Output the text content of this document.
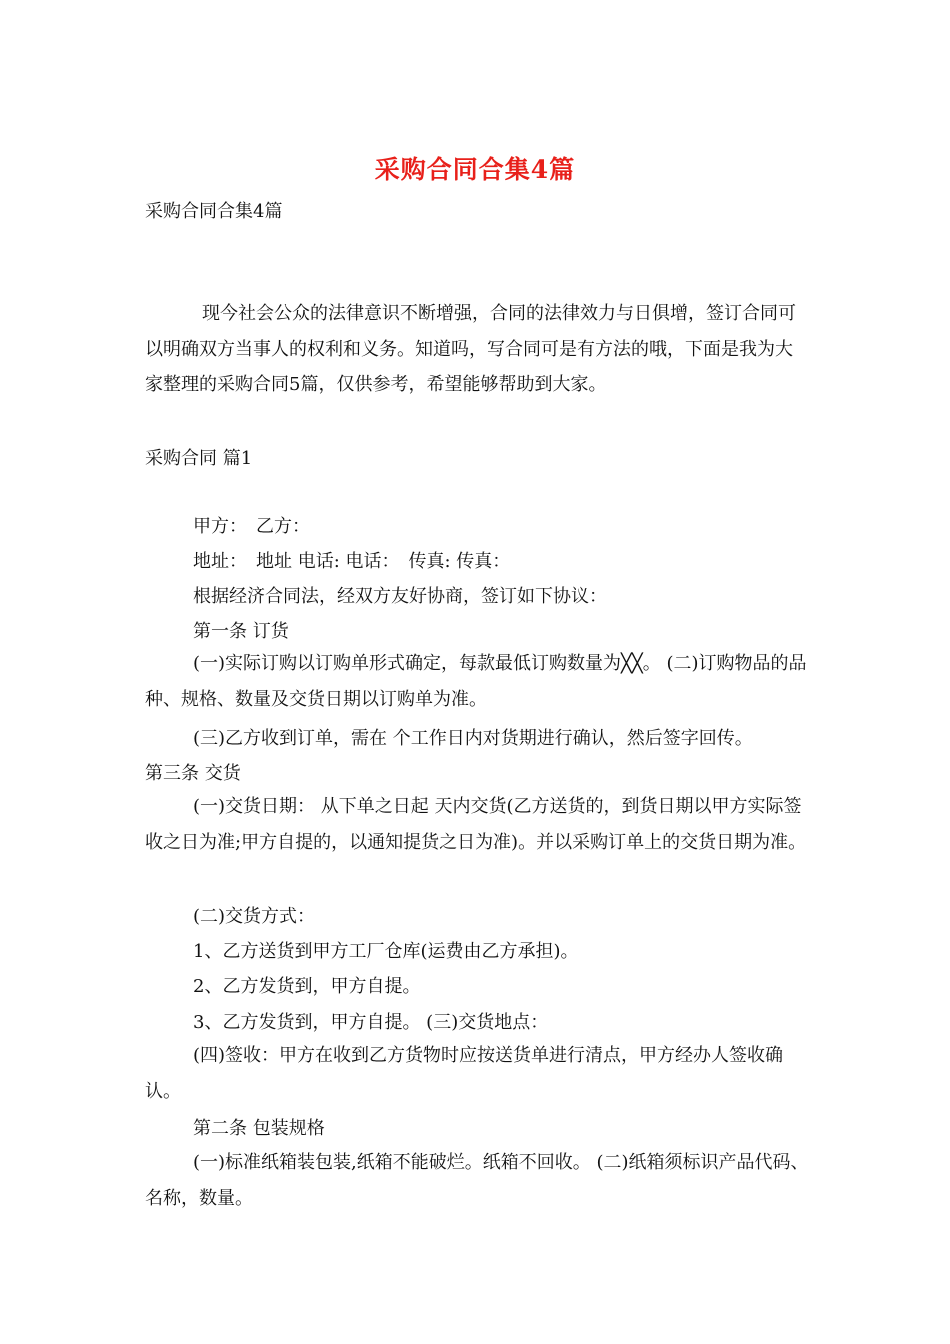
采购合同合集4篇
采购合同合集4篇
现今社会公众的法律意识不断增强，合同的法律效力与日俱增，签订合同可以明确双方当事人的权利和义务。知道吗，写合同可是有方法的哦，下面是我为大家整理的采购合同5篇，仅供参考，希望能够帮助到大家。
采购合同 篇1
甲方：　乙方：
地址：　地址 电话: 电话：　传真: 传真：
根据经济合同法，经双方友好协商，签订如下协议：
第一条 订货
(一)实际订购以订购单形式确定，每款最低订购数量为╳╳。 (二)订购物品的品种、规格、数量及交货日期以订购单为准。
(三)乙方收到订单，需在 个工作日内对货期进行确认，然后签字回传。
第三条 交货
(一)交货日期： 从下单之日起 天内交货(乙方送货的，到货日期以甲方实际签收之日为准;甲方自提的，以通知提货之日为准)。并以采购订单上的交货日期为准。
(二)交货方式：
1、乙方送货到甲方工厂仓库(运费由乙方承担)。
2、乙方发货到，甲方自提。
3、乙方发货到，甲方自提。 (三)交货地点：
(四)签收：甲方在收到乙方货物时应按送货单进行清点，甲方经办人签收确认。
第二条 包装规格
(一)标准纸箱装包装,纸箱不能破烂。纸箱不回收。 (二)纸箱须标识产品代码、名称，数量。
